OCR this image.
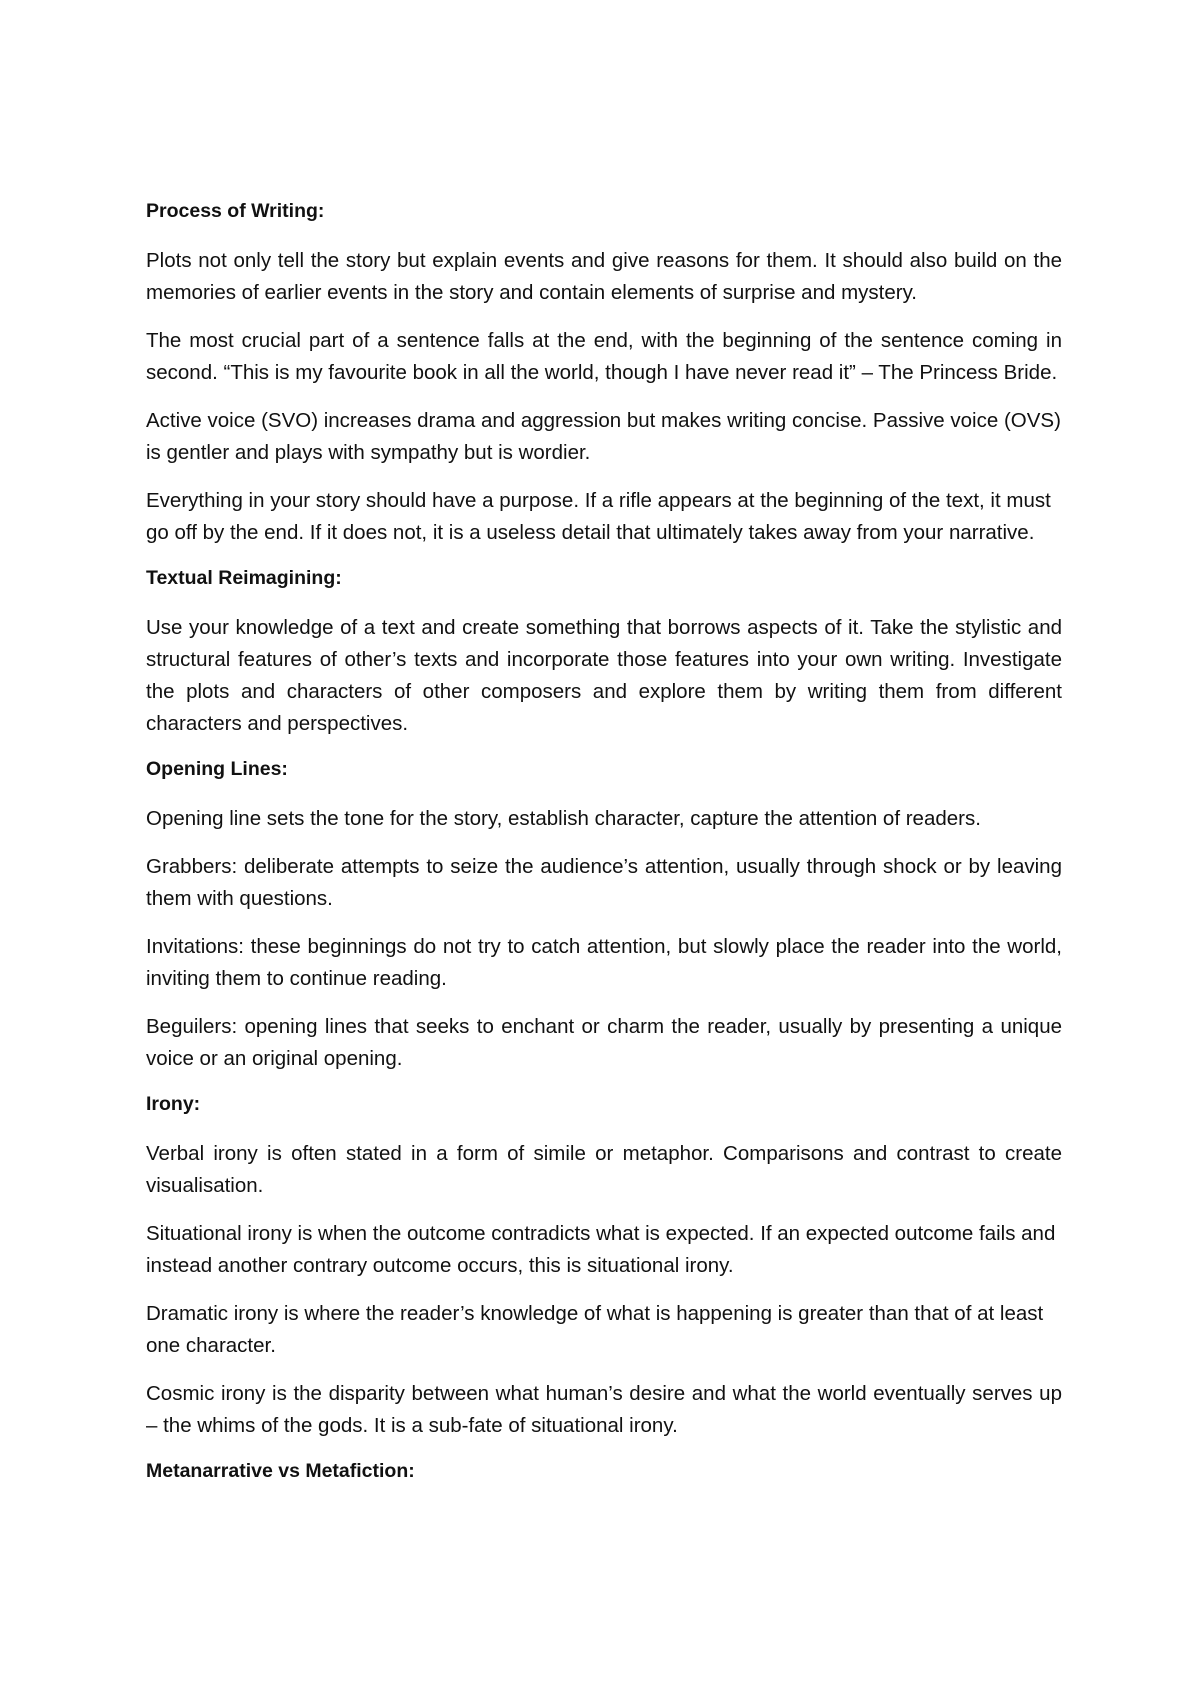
Process of Writing:

Plots not only tell the story but explain events and give reasons for them. It should also build on the memories of earlier events in the story and contain elements of surprise and mystery.

The most crucial part of a sentence falls at the end, with the beginning of the sentence coming in second. “This is my favourite book in all the world, though I have never read it” – The Princess Bride.

Active voice (SVO) increases drama and aggression but makes writing concise. Passive voice (OVS) is gentler and plays with sympathy but is wordier.

Everything in your story should have a purpose. If a rifle appears at the beginning of the text, it must go off by the end. If it does not, it is a useless detail that ultimately takes away from your narrative.

Textual Reimagining:

Use your knowledge of a text and create something that borrows aspects of it. Take the stylistic and structural features of other’s texts and incorporate those features into your own writing. Investigate the plots and characters of other composers and explore them by writing them from different characters and perspectives.

Opening Lines:

Opening line sets the tone for the story, establish character, capture the attention of readers.

Grabbers: deliberate attempts to seize the audience’s attention, usually through shock or by leaving them with questions.

Invitations: these beginnings do not try to catch attention, but slowly place the reader into the world, inviting them to continue reading.

Beguilers: opening lines that seeks to enchant or charm the reader, usually by presenting a unique voice or an original opening.

Irony:

Verbal irony is often stated in a form of simile or metaphor. Comparisons and contrast to create visualisation.

Situational irony is when the outcome contradicts what is expected. If an expected outcome fails and instead another contrary outcome occurs, this is situational irony.

Dramatic irony is where the reader’s knowledge of what is happening is greater than that of at least one character.

Cosmic irony is the disparity between what human’s desire and what the world eventually serves up – the whims of the gods. It is a sub-fate of situational irony.

Metanarrative vs Metafiction:
